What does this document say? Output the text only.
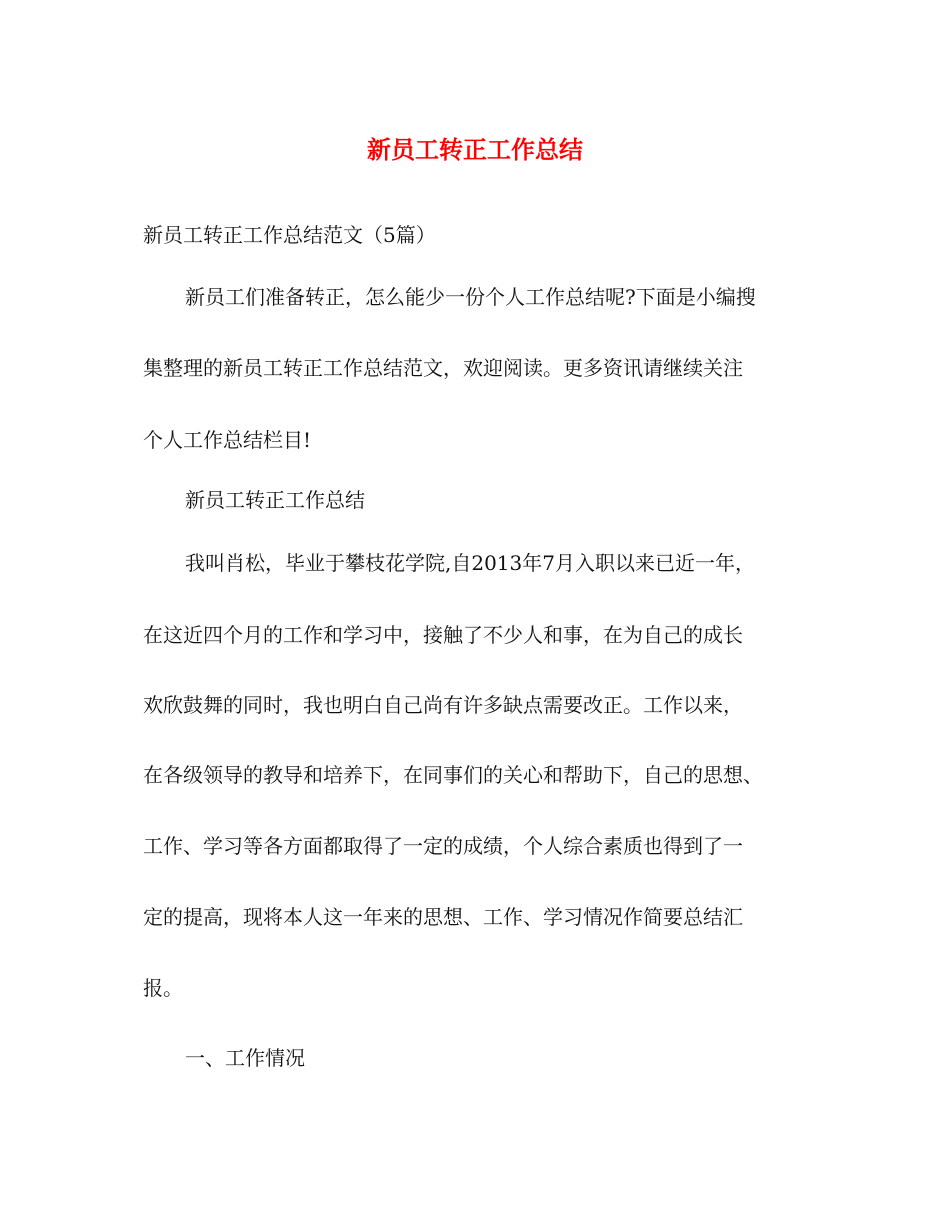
新员工转正工作总结

新员工转正工作总结范文（5篇）

新员工们准备转正，怎么能少一份个人工作总结呢?下面是小编搜

集整理的新员工转正工作总结范文，欢迎阅读。更多资讯请继续关注

个人工作总结栏目!

新员工转正工作总结

我叫肖松，毕业于攀枝花学院,自2013年7月入职以来已近一年，

在这近四个月的工作和学习中，接触了不少人和事，在为自己的成长

欢欣鼓舞的同时，我也明白自己尚有许多缺点需要改正。工作以来，

在各级领导的教导和培养下，在同事们的关心和帮助下，自己的思想、

工作、学习等各方面都取得了一定的成绩，个人综合素质也得到了一

定的提高，现将本人这一年来的思想、工作、学习情况作简要总结汇

报。

一、工作情况
